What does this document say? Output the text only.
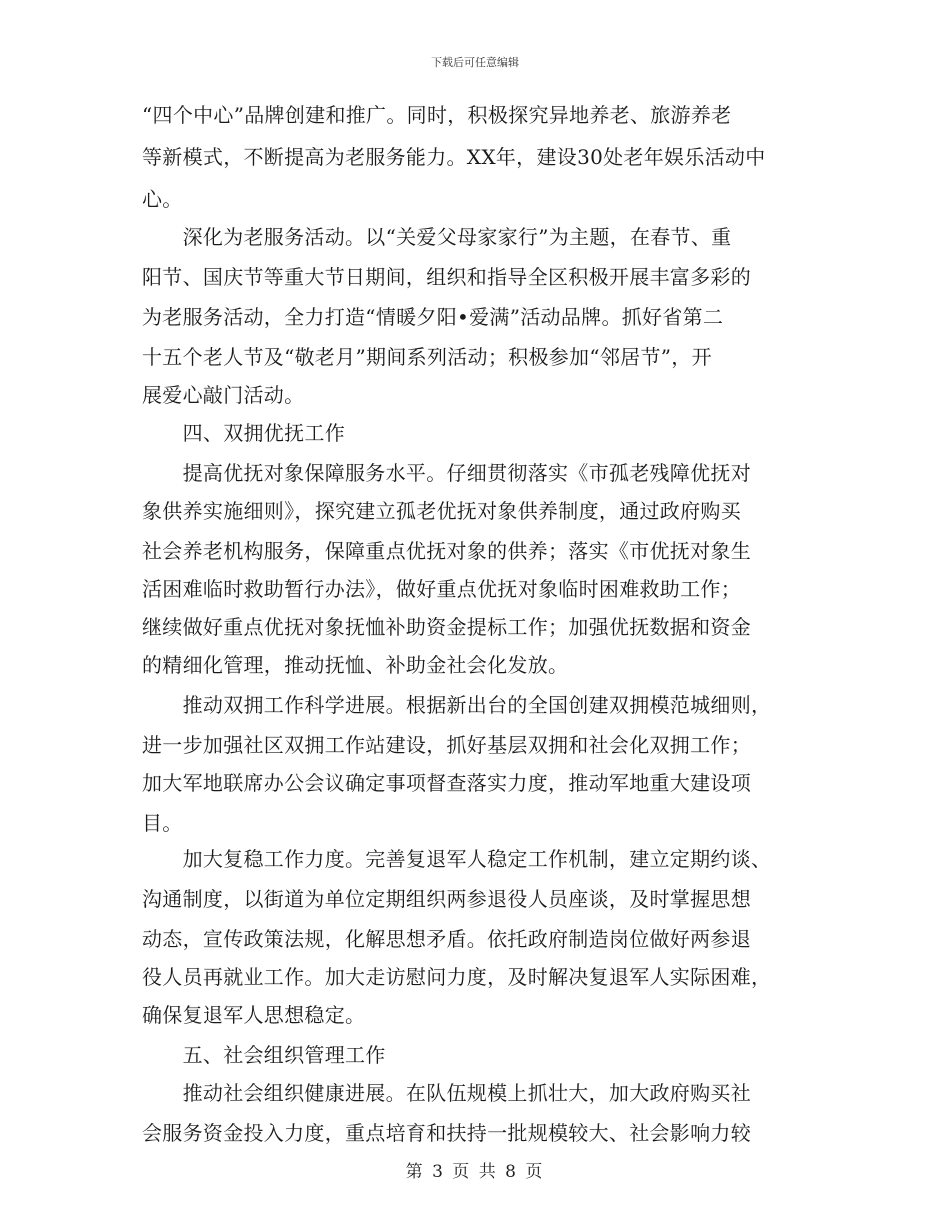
下载后可任意编辑
“四个中心”品牌创建和推广。同时，积极探究异地养老、旅游养老
等新模式，不断提高为老服务能力。XX年，建设30处老年娱乐活动中
心。
　　深化为老服务活动。以“关爱父母家家行”为主题，在春节、重
阳节、国庆节等重大节日期间，组织和指导全区积极开展丰富多彩的
为老服务活动，全力打造“情暖夕阳•爱满”活动品牌。抓好省第二
十五个老人节及“敬老月”期间系列活动；积极参加“邻居节”，开
展爱心敲门活动。
　　四、双拥优抚工作
　　提高优抚对象保障服务水平。仔细贯彻落实《市孤老残障优抚对
象供养实施细则》，探究建立孤老优抚对象供养制度，通过政府购买
社会养老机构服务，保障重点优抚对象的供养；落实《市优抚对象生
活困难临时救助暂行办法》，做好重点优抚对象临时困难救助工作；
继续做好重点优抚对象抚恤补助资金提标工作；加强优抚数据和资金
的精细化管理，推动抚恤、补助金社会化发放。
　　推动双拥工作科学进展。根据新出台的全国创建双拥模范城细则，
进一步加强社区双拥工作站建设，抓好基层双拥和社会化双拥工作；
加大军地联席办公会议确定事项督查落实力度，推动军地重大建设项
目。
　　加大复稳工作力度。完善复退军人稳定工作机制，建立定期约谈、
沟通制度，以街道为单位定期组织两参退役人员座谈，及时掌握思想
动态，宣传政策法规，化解思想矛盾。依托政府制造岗位做好两参退
役人员再就业工作。加大走访慰问力度，及时解决复退军人实际困难，
确保复退军人思想稳定。
　　五、社会组织管理工作
　　推动社会组织健康进展。在队伍规模上抓壮大，加大政府购买社
会服务资金投入力度，重点培育和扶持一批规模较大、社会影响力较
第 3 页 共 8 页
